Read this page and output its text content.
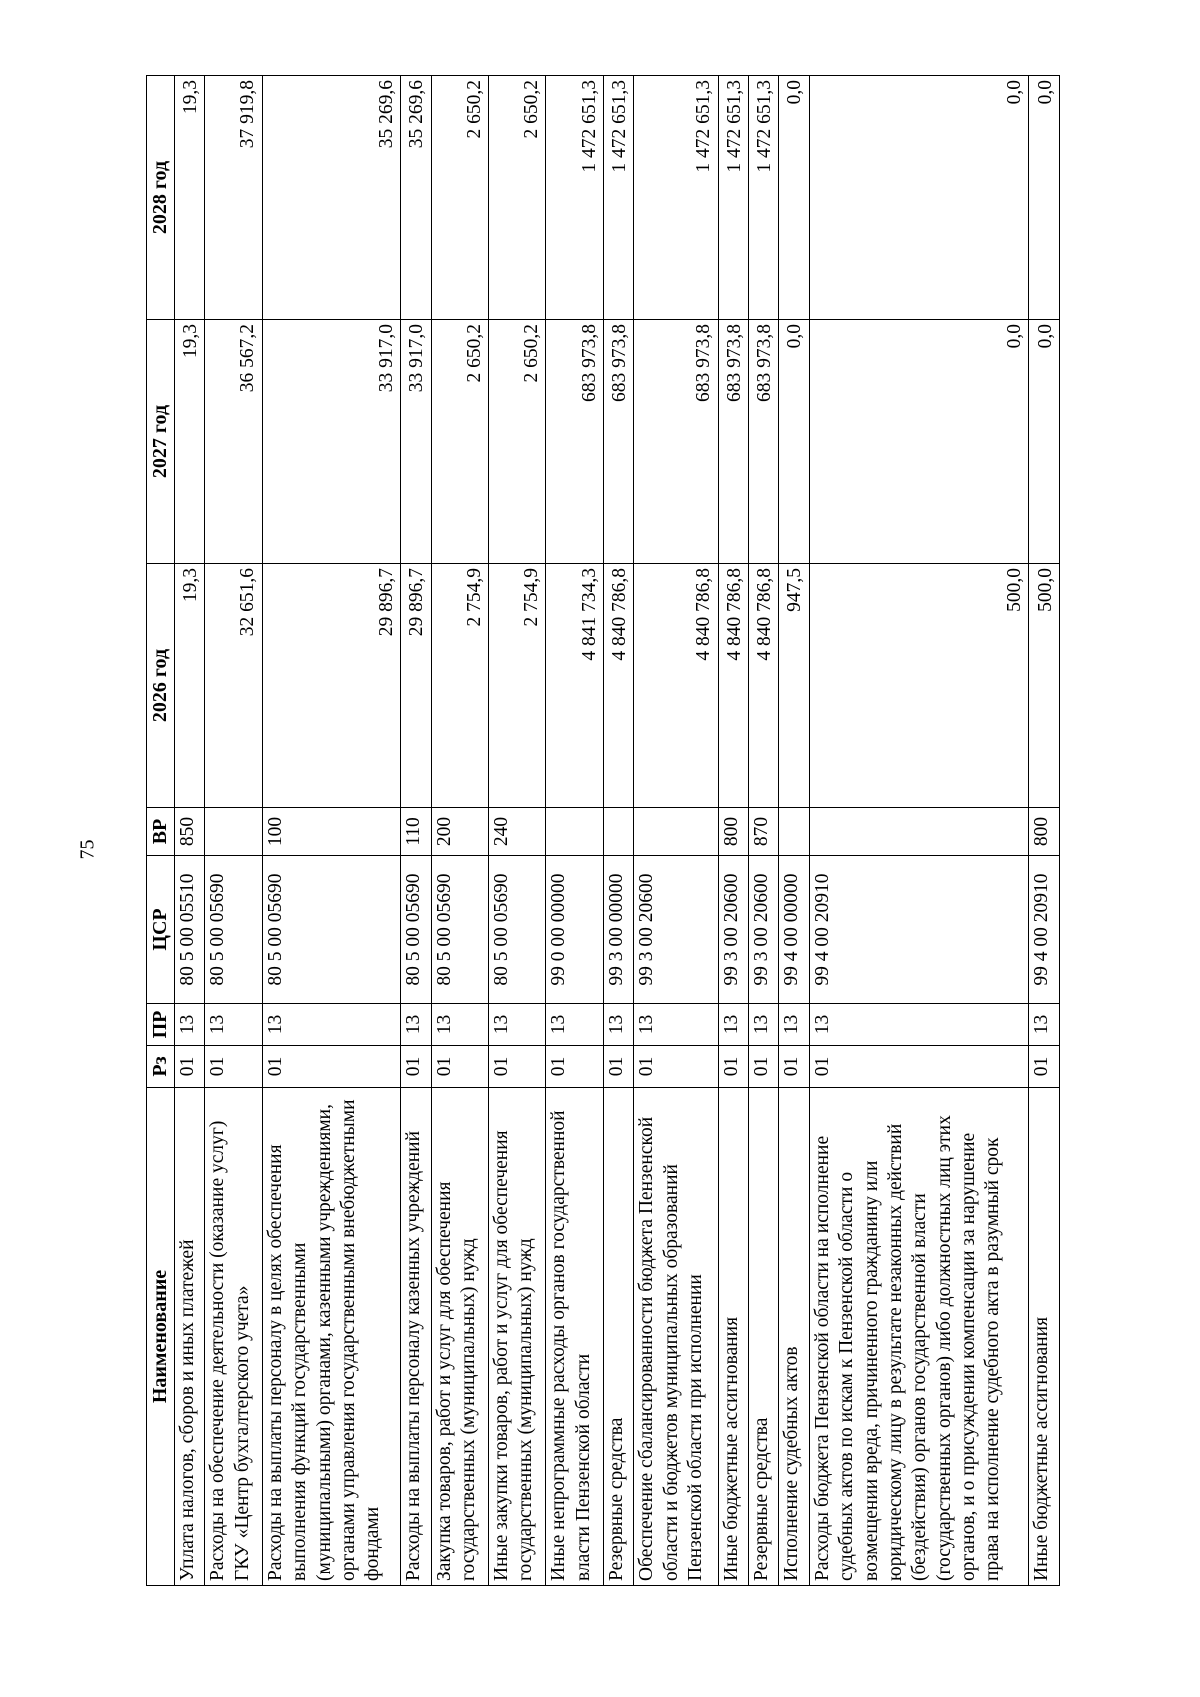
75
Наименование	Рз	ПР	ЦСР	ВР	2026 год	2027 год	2028 год
Уплата налогов, сборов и иных платежей	01	13	80 5 00 05510	850	19,3	19,3	19,3
Расходы на обеспечение деятельности (оказание услуг) ГКУ «Центр бухгалтерского учета»	01	13	80 5 00 05690		32 651,6	36 567,2	37 919,8
Расходы на выплаты персоналу в целях обеспечения выполнения функций государственными (муниципальными) органами, казенными учреждениями, органами управления государственными внебюджетными фондами	01	13	80 5 00 05690	100	29 896,7	33 917,0	35 269,6
Расходы на выплаты персоналу казенных учреждений	01	13	80 5 00 05690	110	29 896,7	33 917,0	35 269,6
Закупка товаров, работ и услуг для обеспечения государственных (муниципальных) нужд	01	13	80 5 00 05690	200	2 754,9	2 650,2	2 650,2
Иные закупки товаров, работ и услуг для обеспечения государственных (муниципальных) нужд	01	13	80 5 00 05690	240	2 754,9	2 650,2	2 650,2
Иные непрограммные расходы органов государственной власти Пензенской области	01	13	99 0 00 00000		4 841 734,3	683 973,8	1 472 651,3
Резервные средства	01	13	99 3 00 00000		4 840 786,8	683 973,8	1 472 651,3
Обеспечение сбалансированности бюджета Пензенской области и бюджетов муниципальных образований Пензенской области при исполнении	01	13	99 3 00 20600		4 840 786,8	683 973,8	1 472 651,3
Иные бюджетные ассигнования	01	13	99 3 00 20600	800	4 840 786,8	683 973,8	1 472 651,3
Резервные средства	01	13	99 3 00 20600	870	4 840 786,8	683 973,8	1 472 651,3
Исполнение судебных актов	01	13	99 4 00 00000		947,5	0,0	0,0
Расходы бюджета Пензенской области на исполнение судебных актов по искам к Пензенской области о возмещении вреда, причиненного гражданину или юридическому лицу в результате незаконных действий (бездействия) органов государственной власти (государственных органов) либо должностных лиц этих органов, и о присуждении компенсации за нарушение права на исполнение судебного акта в разумный срок	01	13	99 4 00 20910		500,0	0,0	0,0
Иные бюджетные ассигнования	01	13	99 4 00 20910	800	500,0	0,0	0,0
